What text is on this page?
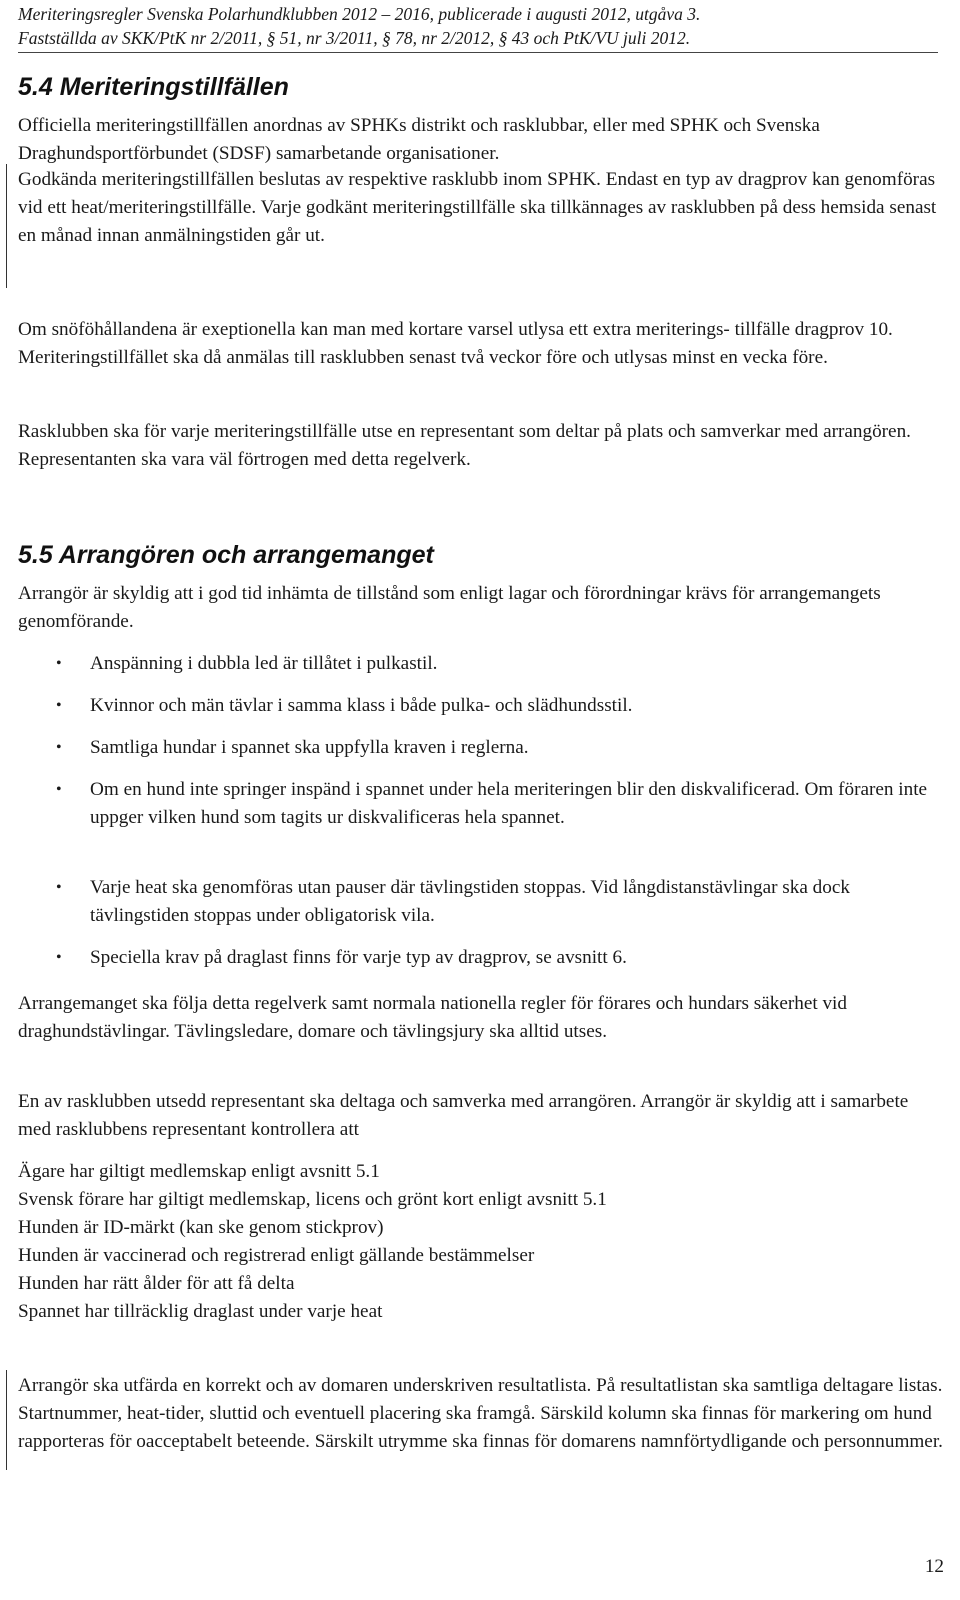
Meriteringsregler Svenska Polarhundklubben 2012 – 2016, publicerade i augusti 2012, utgåva 3.
Fastställda av SKK/PtK nr 2/2011, § 51, nr 3/2011, § 78, nr 2/2012, § 43 och PtK/VU juli 2012.
5.4 Meriteringstillfällen
Officiella meriteringstillfällen anordnas av SPHKs distrikt och rasklubbar, eller med SPHK och Svenska Draghundsportförbundet (SDSF) samarbetande organisationer.
Godkända meriteringstillfällen beslutas av respektive rasklubb inom SPHK. Endast en typ av dragprov kan genomföras vid ett heat/meriteringstillfälle. Varje godkänt meriteringstillfälle ska tillkännages av rasklubben på dess hemsida senast en månad innan anmälningstiden går ut.
Om snöföhållandena är exeptionella kan man med kortare varsel utlysa ett extra meriterings- tillfälle dragprov 10. Meriteringstillfället ska då anmälas till rasklubben senast två veckor före och utlysas minst en vecka före.
Rasklubben ska för varje meriteringstillfälle utse en representant som deltar på plats och samverkar med arrangören. Representanten ska vara väl förtrogen med detta regelverk.
5.5 Arrangören och arrangemanget
Arrangör är skyldig att i god tid inhämta de tillstånd som enligt lagar och förordningar krävs för arrangemangets genomförande.
• Anspänning i dubbla led är tillåtet i pulkastil.
• Kvinnor och män tävlar i samma klass i både pulka- och slädhundsstil.
• Samtliga hundar i spannet ska uppfylla kraven i reglerna.
• Om en hund inte springer inspänd i spannet under hela meriteringen blir den diskvalificerad. Om föraren inte uppger vilken hund som tagits ur diskvalificeras hela spannet.
• Varje heat ska genomföras utan pauser där tävlingstiden stoppas. Vid långdistanstävlingar ska dock tävlingstiden stoppas under obligatorisk vila.
• Speciella krav på draglast finns för varje typ av dragprov, se avsnitt 6.
Arrangemanget ska följa detta regelverk samt normala nationella regler för förares och hundars säkerhet vid draghundstävlingar. Tävlingsledare, domare och tävlingsjury ska alltid utses.
En av rasklubben utsedd representant ska deltaga och samverka med arrangören. Arrangör är skyldig att i samarbete med rasklubbens representant kontrollera att
Ägare har giltigt medlemskap enligt avsnitt 5.1
Svensk förare har giltigt medlemskap, licens och grönt kort enligt avsnitt 5.1
Hunden är ID-märkt (kan ske genom stickprov)
Hunden är vaccinerad och registrerad enligt gällande bestämmelser
Hunden har rätt ålder för att få delta
Spannet har tillräcklig draglast under varje heat
Arrangör ska utfärda en korrekt och av domaren underskriven resultatlista. På resultatlistan ska samtliga deltagare listas. Startnummer, heat-tider, sluttid och eventuell placering ska framgå. Särskild kolumn ska finnas för markering om hund rapporteras för oacceptabelt beteende. Särskilt utrymme ska finnas för domarens namnförtydligande och personnummer.
12
